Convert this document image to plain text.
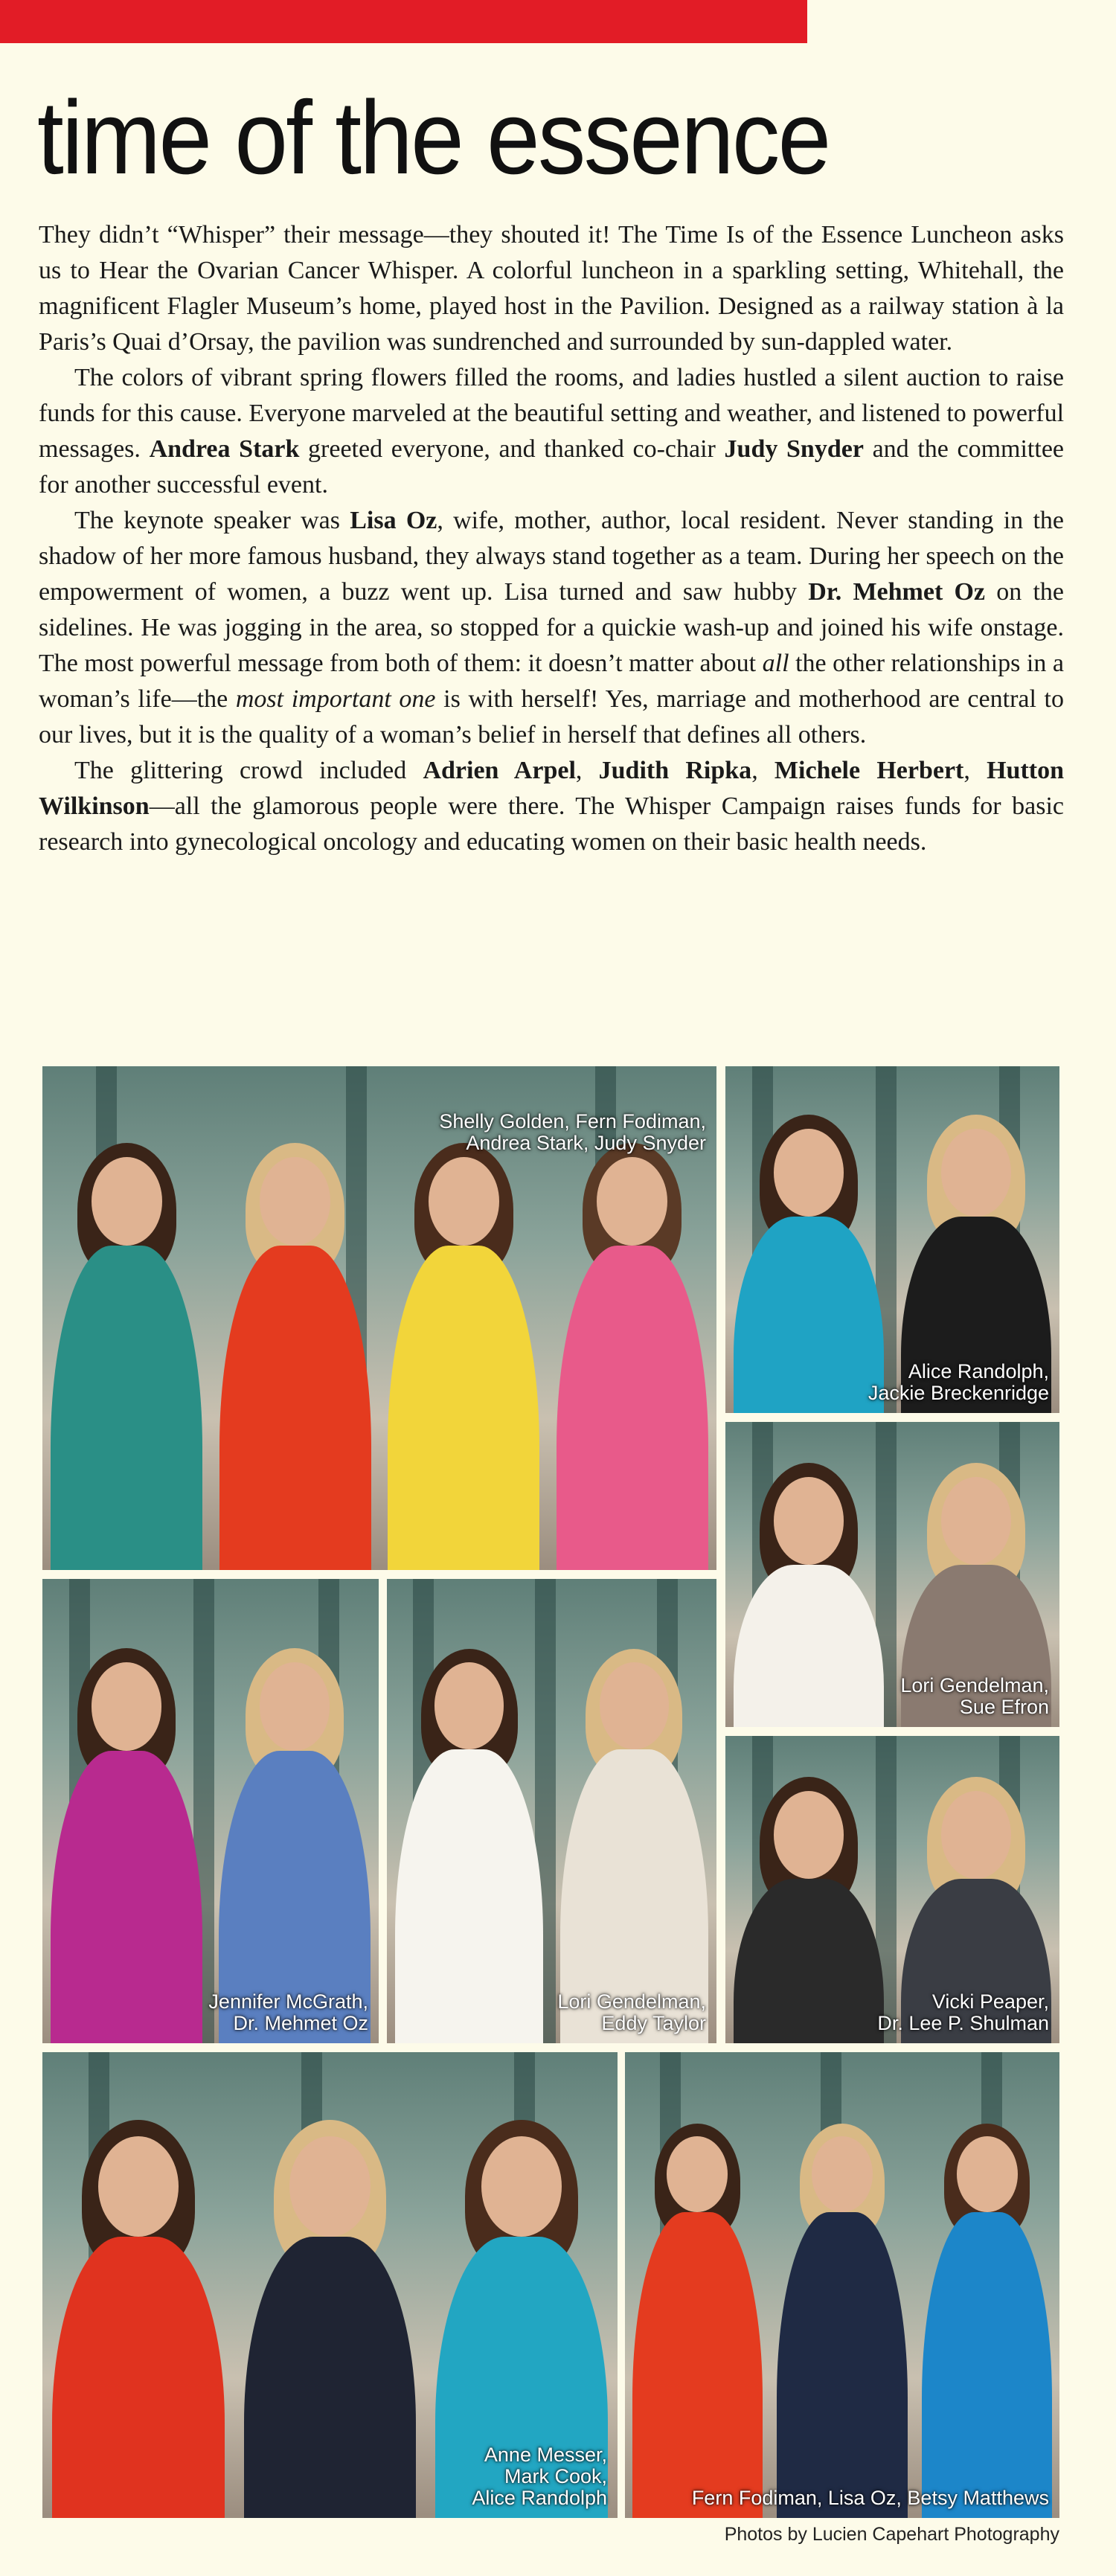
time of the essence

They didn’t “Whisper” their message—they shouted it! The Time Is of the Essence Luncheon asks us to Hear the Ovarian Cancer Whisper. A colorful luncheon in a sparkling setting, Whitehall, the magnificent Flagler Museum’s home, played host in the Pavilion. Designed as a railway station à la Paris’s Quai d’Orsay, the pavilion was sundrenched and surrounded by sun-dappled water.

The colors of vibrant spring flowers filled the rooms, and ladies hustled a silent auction to raise funds for this cause. Everyone marveled at the beautiful setting and weather, and listened to powerful messages. Andrea Stark greeted everyone, and thanked co-chair Judy Snyder and the committee for another successful event.

The keynote speaker was Lisa Oz, wife, mother, author, local resident. Never standing in the shadow of her more famous husband, they always stand together as a team. During her speech on the empowerment of women, a buzz went up. Lisa turned and saw hubby Dr. Mehmet Oz on the sidelines. He was jogging in the area, so stopped for a quickie wash-up and joined his wife onstage. The most powerful message from both of them: it doesn’t matter about all the other relationships in a woman’s life—the most important one is with herself! Yes, marriage and motherhood are central to our lives, but it is the quality of a woman’s belief in herself that defines all others.

The glittering crowd included Adrien Arpel, Judith Ripka, Michele Herbert, Hutton Wilkinson—all the glamorous people were there. The Whisper Campaign raises funds for basic research into gynecological oncology and educating women on their basic health needs.

Shelly Golden, Fern Fodiman,
Andrea Stark, Judy Snyder
Alice Randolph,
Jackie Breckenridge
Lori Gendelman,
Sue Efron
Jennifer McGrath,
Dr. Mehmet Oz
Lori Gendelman,
Eddy Taylor
Vicki Peaper,
Dr. Lee P. Shulman
Anne Messer,
Mark Cook,
Alice Randolph	Fern Fodiman, Lisa Oz, Betsy Matthews
Photos by Lucien Capehart Photography
